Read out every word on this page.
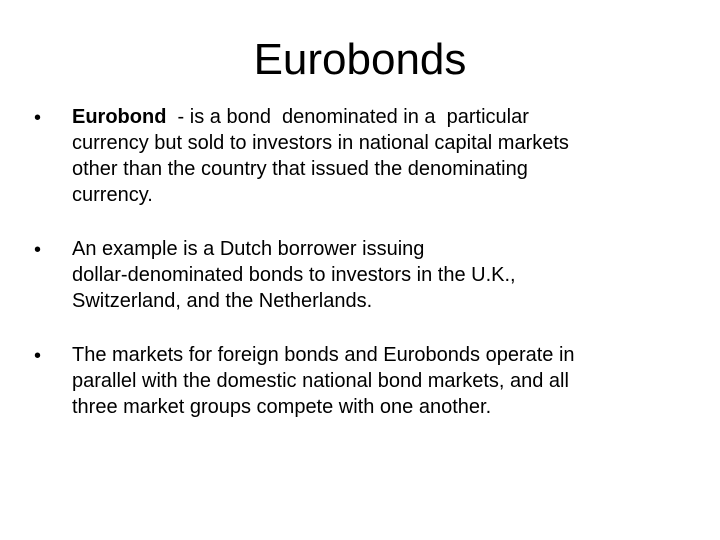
Eurobonds
• Eurobond  - is a bond  denominated in a  particular
currency but sold to investors in national capital markets
other than the country that issued the denominating
currency.
• An example is a Dutch borrower issuing
dollar-denominated bonds to investors in the U.K.,
Switzerland, and the Netherlands.
• The markets for foreign bonds and Eurobonds operate in
parallel with the domestic national bond markets, and all
three market groups compete with one another.
